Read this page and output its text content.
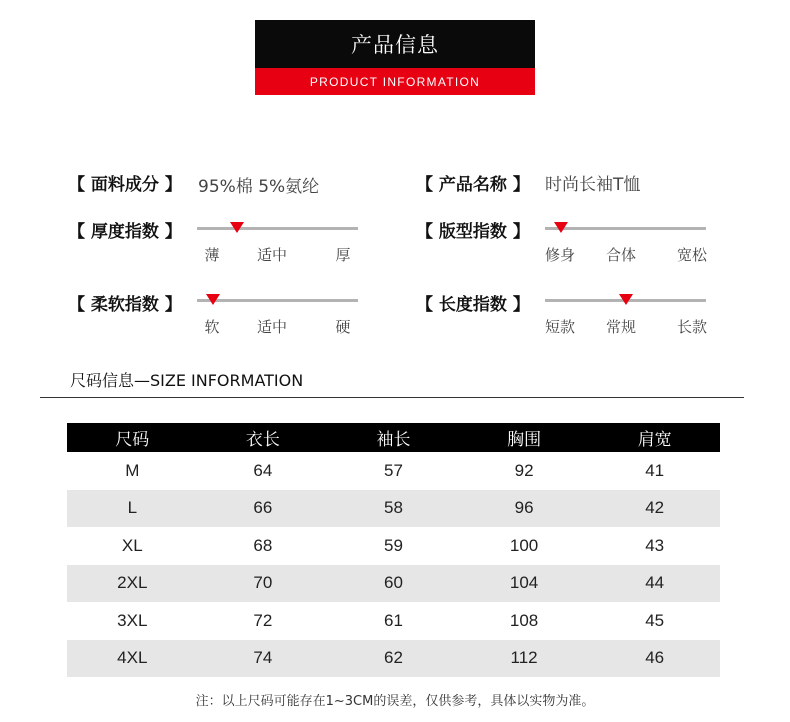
产品信息
PRODUCT INFORMATION
【 面料成分 】 95%棉 5%氨纶	【 产品名称 】 时尚长袖T恤
【 厚度指数 】
薄 适中	厚
【 版型指数 】
修身 合体	宽松
【 柔软指数 】
软 适中	硬
【 长度指数 】
短款 常规	长款
尺码信息—SIZE INFORMATION
尺码	衣长	袖长	胸围	肩宽
M	64	57	92	41
L	66	58	96	42
XL	68	59	100	43
2XL	70	60	104	44
3XL	72	61	108	45
4XL	74	62	112	46
注：以上尺码可能存在1~3CM的误差，仅供参考，具体以实物为准。
